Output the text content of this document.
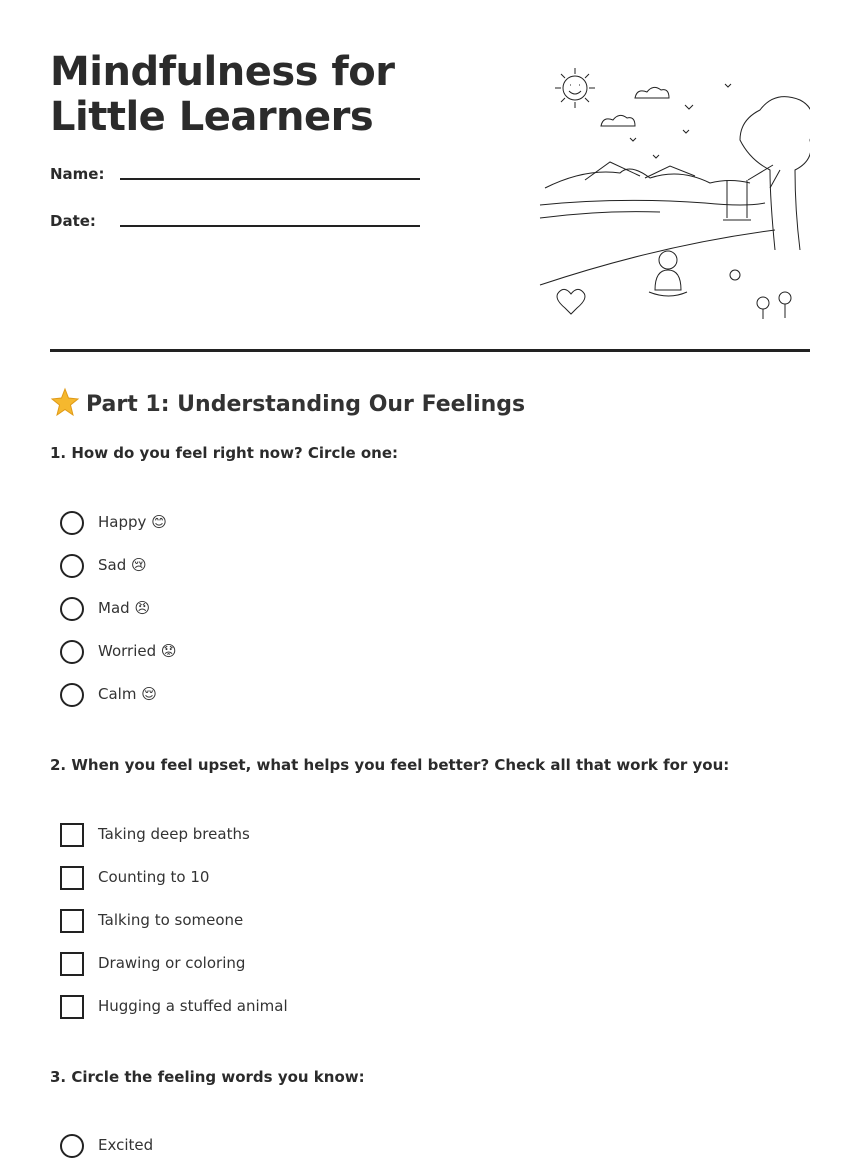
Mindfulness for Little Learners
Name:
Date:
Part 1: Understanding Our Feelings

1. How do you feel right now? Circle one:

Happy 😊
Sad 😢
Mad 😠
Worried 😟
Calm 😌

2. When you feel upset, what helps you feel better? Check all that work for you:

Taking deep breaths
Counting to 10
Talking to someone
Drawing or coloring
Hugging a stuffed animal

3. Circle the feeling words you know:

Excited
